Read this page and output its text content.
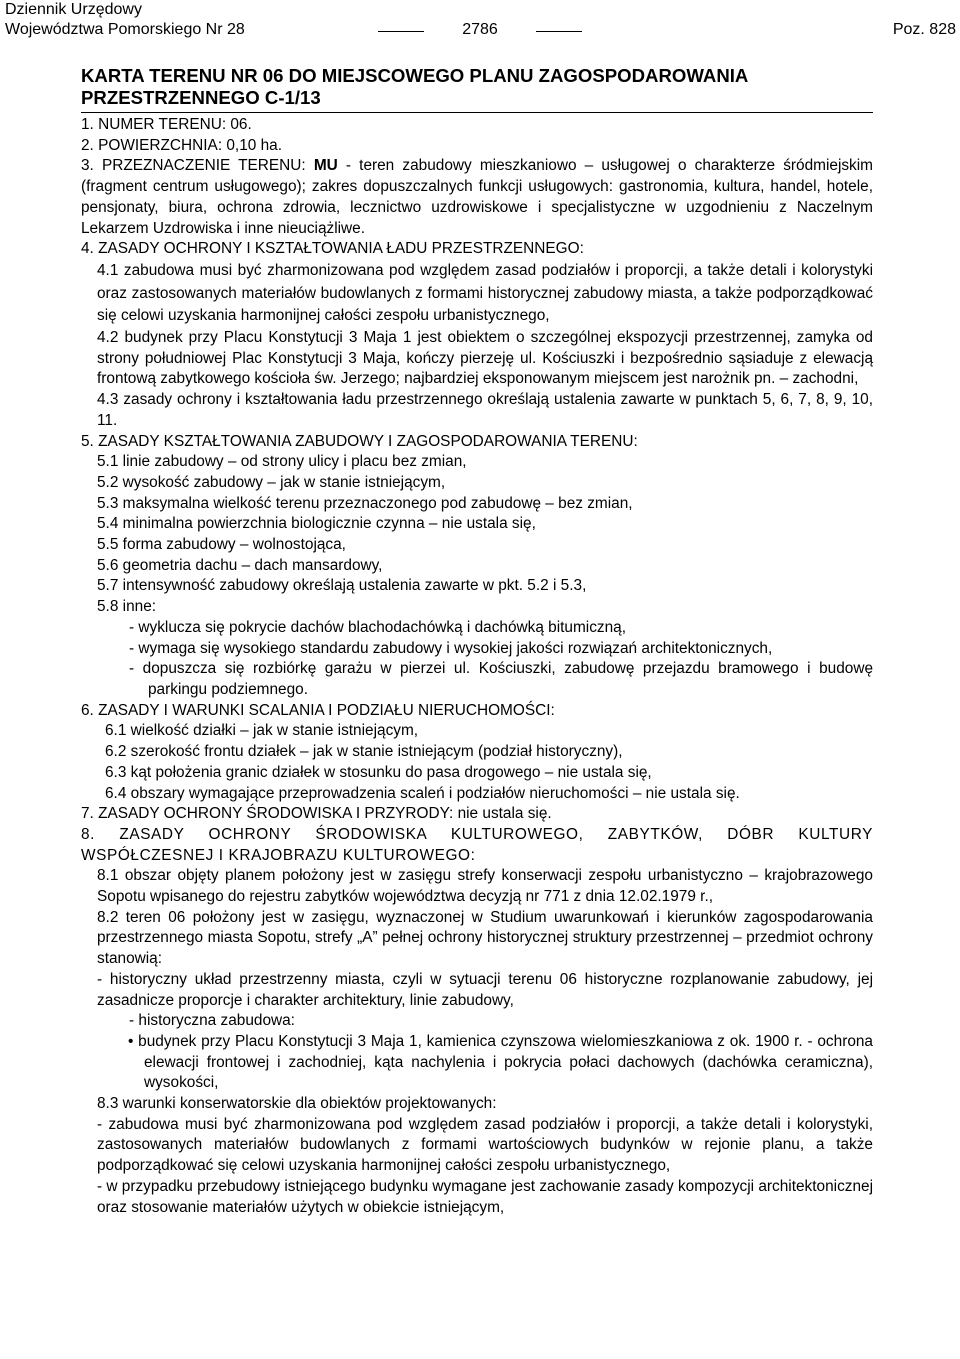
Dziennik Urzędowy
Województwa Pomorskiego Nr 28	2786	Poz. 828

KARTA TERENU NR 06 DO MIEJSCOWEGO PLANU ZAGOSPODAROWANIA PRZESTRZENNEGO C-1/13

1. NUMER TERENU: 06.

2. POWIERZCHNIA: 0,10 ha.

3. PRZEZNACZENIE TERENU: MU - teren zabudowy mieszkaniowo – usługowej o charakterze śródmiejskim (fragment centrum usługowego); zakres dopuszczalnych funkcji usługowych: gastronomia, kultura, handel, hotele, pensjonaty, biura, ochrona zdrowia, lecznictwo uzdrowiskowe i specjalistyczne w uzgodnieniu z Naczelnym Lekarzem Uzdrowiska i inne nieuciążliwe.

4. ZASADY OCHRONY I KSZTAŁTOWANIA ŁADU PRZESTRZENNEGO:

4.1 zabudowa musi być zharmonizowana pod względem zasad podziałów i proporcji, a także detali i kolorystyki oraz zastosowanych materiałów budowlanych z formami historycznej zabudowy miasta, a także podporządkować się celowi uzyskania harmonijnej całości zespołu urbanistycznego,

4.2 budynek przy Placu Konstytucji 3 Maja 1 jest obiektem o szczególnej ekspozycji przestrzennej, zamyka od strony południowej Plac Konstytucji 3 Maja, kończy pierzeję ul. Kościuszki i bezpośrednio sąsiaduje z elewacją frontową zabytkowego kościoła św. Jerzego; najbardziej eksponowanym miejscem jest narożnik pn. – zachodni,

4.3 zasady ochrony i kształtowania ładu przestrzennego określają ustalenia zawarte w punktach 5, 6, 7, 8, 9, 10, 11.

5. ZASADY KSZTAŁTOWANIA ZABUDOWY I ZAGOSPODAROWANIA TERENU:

5.1 linie zabudowy – od strony ulicy i placu bez zmian,

5.2 wysokość zabudowy – jak w stanie istniejącym,

5.3 maksymalna wielkość terenu przeznaczonego pod zabudowę – bez zmian,

5.4 minimalna powierzchnia biologicznie czynna – nie ustala się,

5.5 forma zabudowy – wolnostojąca,

5.6 geometria dachu – dach mansardowy,

5.7 intensywność zabudowy określają ustalenia zawarte w pkt. 5.2 i 5.3,

5.8 inne:

- wyklucza się pokrycie dachów blachodachówką i dachówką bitumiczną,

- wymaga się wysokiego standardu zabudowy i wysokiej jakości rozwiązań architektonicznych,

- dopuszcza się rozbiórkę garażu w pierzei ul. Kościuszki, zabudowę przejazdu bramowego i budowę parkingu podziemnego.

6. ZASADY I WARUNKI SCALANIA I PODZIAŁU NIERUCHOMOŚCI:

6.1 wielkość działki – jak w stanie istniejącym,

6.2 szerokość frontu działek – jak w stanie istniejącym (podział historyczny),

6.3 kąt położenia granic działek w stosunku do pasa drogowego – nie ustala się,

6.4 obszary wymagające przeprowadzenia scaleń i podziałów nieruchomości – nie ustala się.

7. ZASADY OCHRONY ŚRODOWISKA I PRZYRODY: nie ustala się.

8. ZASADY OCHRONY ŚRODOWISKA KULTUROWEGO, ZABYTKÓW, DÓBR KULTURY WSPÓŁCZESNEJ I KRAJOBRAZU KULTUROWEGO:

8.1 obszar objęty planem położony jest w zasięgu strefy konserwacji zespołu urbanistyczno – krajobrazowego Sopotu wpisanego do rejestru zabytków województwa decyzją nr 771 z dnia 12.02.1979 r.,

8.2 teren 06 położony jest w zasięgu, wyznaczonej w Studium uwarunkowań i kierunków zagospodarowania przestrzennego miasta Sopotu, strefy „A” pełnej ochrony historycznej struktury przestrzennej – przedmiot ochrony stanowią:

- historyczny układ przestrzenny miasta, czyli w sytuacji terenu 06 historyczne rozplanowanie zabudowy, jej zasadnicze proporcje i charakter architektury, linie zabudowy,

- historyczna zabudowa:

• budynek przy Placu Konstytucji 3 Maja 1, kamienica czynszowa wielomieszkaniowa z ok. 1900 r. - ochrona elewacji frontowej i zachodniej, kąta nachylenia i pokrycia połaci dachowych (dachówka ceramiczna), wysokości,

8.3 warunki konserwatorskie dla obiektów projektowanych:

- zabudowa musi być zharmonizowana pod względem zasad podziałów i proporcji, a także detali i kolorystyki, zastosowanych materiałów budowlanych z formami wartościowych budynków w rejonie planu, a także podporządkować się celowi uzyskania harmonijnej całości zespołu urbanistycznego,

- w przypadku przebudowy istniejącego budynku wymagane jest zachowanie zasady kompozycji architektonicznej oraz stosowanie materiałów użytych w obiekcie istniejącym,
